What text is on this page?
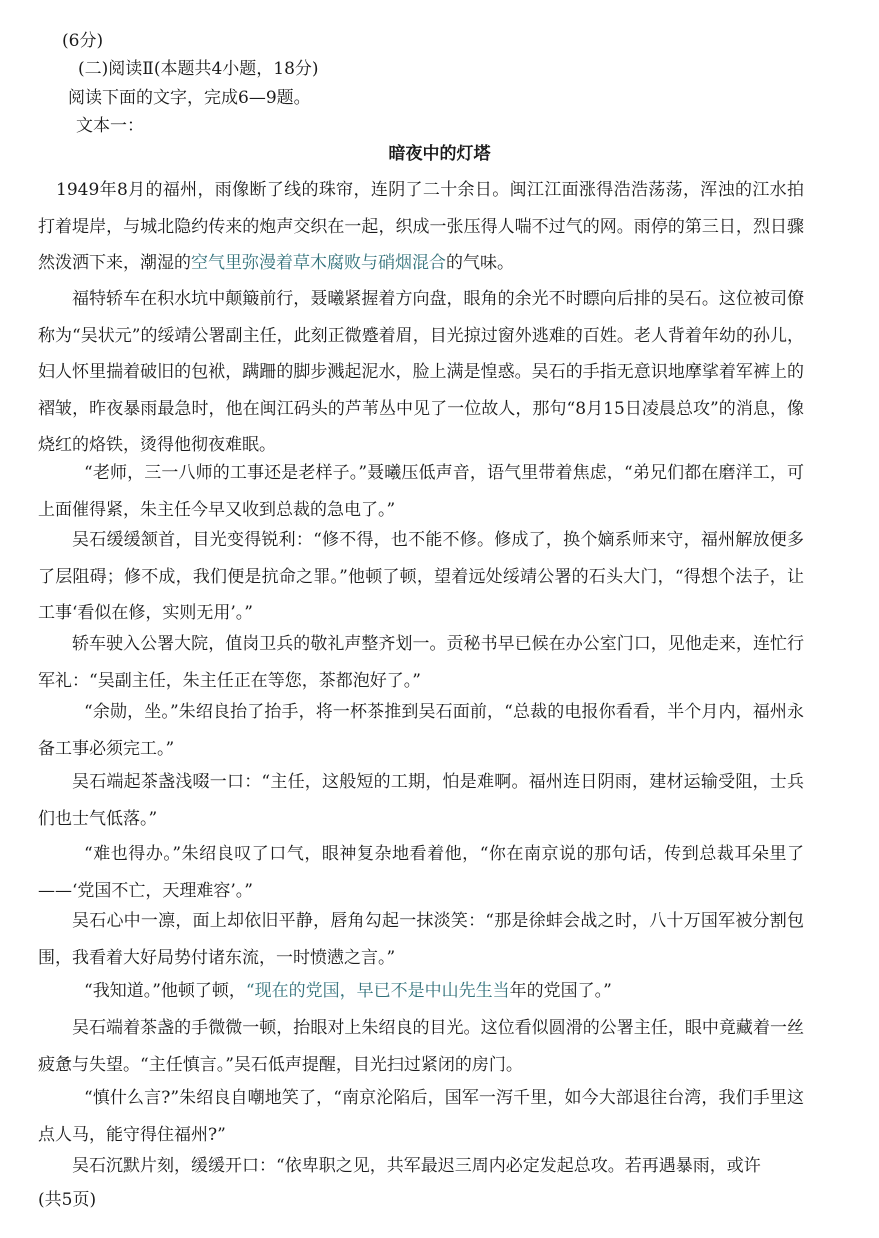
(6分)
(二)阅读Ⅱ(本题共4小题，18分)
阅读下面的文字，完成6—9题。
文本一：
暗夜中的灯塔
1949年8月的福州，雨像断了线的珠帘，连阴了二十余日。闽江江面涨得浩浩荡荡，浑浊的江水拍打着堤岸，与城北隐约传来的炮声交织在一起，织成一张压得人喘不过气的网。雨停的第三日，烈日骤然泼洒下来，潮湿的空气里弥漫着草木腐败与硝烟混合的气味。
福特轿车在积水坑中颠簸前行，聂曦紧握着方向盘，眼角的余光不时瞟向后排的吴石。这位被司僚称为“吴状元”的绥靖公署副主任，此刻正微蹙着眉，目光掠过窗外逃难的百姓。老人背着年幼的孙儿，妇人怀里揣着破旧的包袱，蹒跚的脚步溅起泥水，脸上满是惶惑。吴石的手指无意识地摩挲着军裤上的褶皱，昨夜暴雨最急时，他在闽江码头的芦苇丛中见了一位故人，那句“8月15日凌晨总攻”的消息，像烧红的烙铁，烫得他彻夜难眠。
“老师，三一八师的工事还是老样子。”聂曦压低声音，语气里带着焦虑，“弟兄们都在磨洋工，可上面催得紧，朱主任今早又收到总裁的急电了。”
吴石缓缓颔首，目光变得锐利：“修不得，也不能不修。修成了，换个嫡系师来守，福州解放便多了层阻碍；修不成，我们便是抗命之罪。”他顿了顿，望着远处绥靖公署的石头大门，“得想个法子，让工事‘看似在修，实则无用’。”
轿车驶入公署大院，值岗卫兵的敬礼声整齐划一。贡秘书早已候在办公室门口，见他走来，连忙行军礼：“吴副主任，朱主任正在等您，茶都泡好了。”
“余勋，坐。”朱绍良抬了抬手，将一杯茶推到吴石面前，“总裁的电报你看看，半个月内，福州永备工事必须完工。”
吴石端起茶盏浅啜一口：“主任，这般短的工期，怕是难啊。福州连日阴雨，建材运输受阻，士兵们也士气低落。”
“难也得办。”朱绍良叹了口气，眼神复杂地看着他，“你在南京说的那句话，传到总裁耳朵里了——‘党国不亡，天理难容’。”
吴石心中一凛，面上却依旧平静，唇角勾起一抹淡笑：“那是徐蚌会战之时，八十万国军被分割包围，我看着大好局势付诸东流，一时愤懑之言。”
“我知道。”他顿了顿，“现在的党国，早已不是中山先生当年的党国了。”
吴石端着茶盏的手微微一顿，抬眼对上朱绍良的目光。这位看似圆滑的公署主任，眼中竟藏着一丝疲惫与失望。“主任慎言。”吴石低声提醒，目光扫过紧闭的房门。
“慎什么言?”朱绍良自嘲地笑了，“南京沦陷后，国军一泻千里，如今大部退往台湾，我们手里这点人马，能守得住福州?”
吴石沉默片刻，缓缓开口：“依卑职之见，共军最迟三周内必定发起总攻。若再遇暴雨，或许
(共5页)
